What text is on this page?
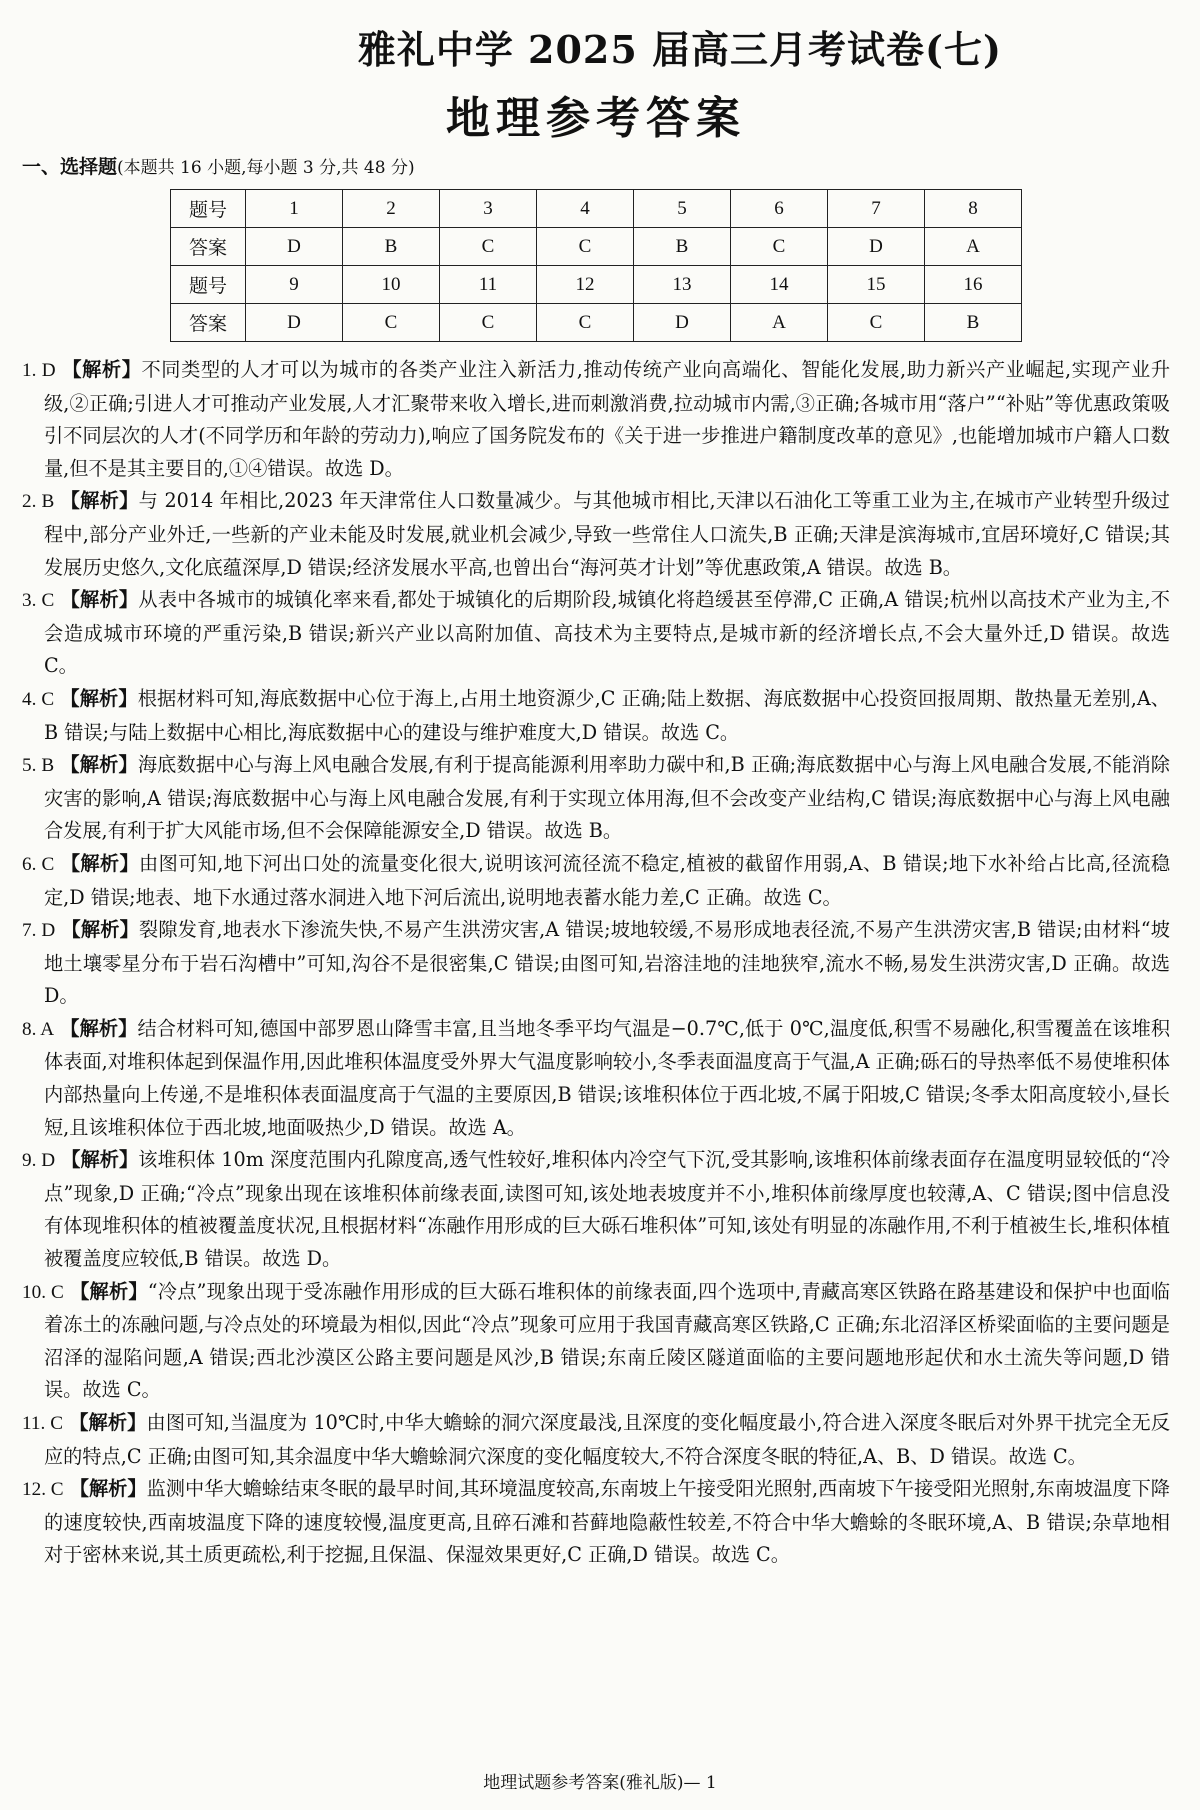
雅礼中学 2025 届高三月考试卷(七)
地理参考答案
一、选择题(本题共 16 小题,每小题 3 分,共 48 分)
题号	1	2	3	4	5	6	7	8
答案	D	B	C	C	B	C	D	A
题号	9	10	11	12	13	14	15	16
答案	D	C	C	C	D	A	C	B

1. D 【解析】不同类型的人才可以为城市的各类产业注入新活力,推动传统产业向高端化、智能化发展,助力新兴产业崛起,实现产业升级,②正确;引进人才可推动产业发展,人才汇聚带来收入增长,进而刺激消费,拉动城市内需,③正确;各城市用“落户”“补贴”等优惠政策吸引不同层次的人才(不同学历和年龄的劳动力),响应了国务院发布的《关于进一步推进户籍制度改革的意见》,也能增加城市户籍人口数量,但不是其主要目的,①④错误。故选 D。

2. B 【解析】与 2014 年相比,2023 年天津常住人口数量减少。与其他城市相比,天津以石油化工等重工业为主,在城市产业转型升级过程中,部分产业外迁,一些新的产业未能及时发展,就业机会减少,导致一些常住人口流失,B 正确;天津是滨海城市,宜居环境好,C 错误;其发展历史悠久,文化底蕴深厚,D 错误;经济发展水平高,也曾出台“海河英才计划”等优惠政策,A 错误。故选 B。

3. C 【解析】从表中各城市的城镇化率来看,都处于城镇化的后期阶段,城镇化将趋缓甚至停滞,C 正确,A 错误;杭州以高技术产业为主,不会造成城市环境的严重污染,B 错误;新兴产业以高附加值、高技术为主要特点,是城市新的经济增长点,不会大量外迁,D 错误。故选 C。

4. C 【解析】根据材料可知,海底数据中心位于海上,占用土地资源少,C 正确;陆上数据、海底数据中心投资回报周期、散热量无差别,A、B 错误;与陆上数据中心相比,海底数据中心的建设与维护难度大,D 错误。故选 C。

5. B 【解析】海底数据中心与海上风电融合发展,有利于提高能源利用率助力碳中和,B 正确;海底数据中心与海上风电融合发展,不能消除灾害的影响,A 错误;海底数据中心与海上风电融合发展,有利于实现立体用海,但不会改变产业结构,C 错误;海底数据中心与海上风电融合发展,有利于扩大风能市场,但不会保障能源安全,D 错误。故选 B。

6. C 【解析】由图可知,地下河出口处的流量变化很大,说明该河流径流不稳定,植被的截留作用弱,A、B 错误;地下水补给占比高,径流稳定,D 错误;地表、地下水通过落水洞进入地下河后流出,说明地表蓄水能力差,C 正确。故选 C。

7. D 【解析】裂隙发育,地表水下渗流失快,不易产生洪涝灾害,A 错误;坡地较缓,不易形成地表径流,不易产生洪涝灾害,B 错误;由材料“坡地土壤零星分布于岩石沟槽中”可知,沟谷不是很密集,C 错误;由图可知,岩溶洼地的洼地狭窄,流水不畅,易发生洪涝灾害,D 正确。故选 D。

8. A 【解析】结合材料可知,德国中部罗恩山降雪丰富,且当地冬季平均气温是−0.7℃,低于 0℃,温度低,积雪不易融化,积雪覆盖在该堆积体表面,对堆积体起到保温作用,因此堆积体温度受外界大气温度影响较小,冬季表面温度高于气温,A 正确;砾石的导热率低不易使堆积体内部热量向上传递,不是堆积体表面温度高于气温的主要原因,B 错误;该堆积体位于西北坡,不属于阳坡,C 错误;冬季太阳高度较小,昼长短,且该堆积体位于西北坡,地面吸热少,D 错误。故选 A。

9. D 【解析】该堆积体 10m 深度范围内孔隙度高,透气性较好,堆积体内冷空气下沉,受其影响,该堆积体前缘表面存在温度明显较低的“冷点”现象,D 正确;“冷点”现象出现在该堆积体前缘表面,读图可知,该处地表坡度并不小,堆积体前缘厚度也较薄,A、C 错误;图中信息没有体现堆积体的植被覆盖度状况,且根据材料“冻融作用形成的巨大砾石堆积体”可知,该处有明显的冻融作用,不利于植被生长,堆积体植被覆盖度应较低,B 错误。故选 D。

10. C 【解析】“冷点”现象出现于受冻融作用形成的巨大砾石堆积体的前缘表面,四个选项中,青藏高寒区铁路在路基建设和保护中也面临着冻土的冻融问题,与冷点处的环境最为相似,因此“冷点”现象可应用于我国青藏高寒区铁路,C 正确;东北沼泽区桥梁面临的主要问题是沼泽的湿陷问题,A 错误;西北沙漠区公路主要问题是风沙,B 错误;东南丘陵区隧道面临的主要问题地形起伏和水土流失等问题,D 错误。故选 C。

11. C 【解析】由图可知,当温度为 10℃时,中华大蟾蜍的洞穴深度最浅,且深度的变化幅度最小,符合进入深度冬眠后对外界干扰完全无反应的特点,C 正确;由图可知,其余温度中华大蟾蜍洞穴深度的变化幅度较大,不符合深度冬眠的特征,A、B、D 错误。故选 C。

12. C 【解析】监测中华大蟾蜍结束冬眠的最早时间,其环境温度较高,东南坡上午接受阳光照射,西南坡下午接受阳光照射,东南坡温度下降的速度较快,西南坡温度下降的速度较慢,温度更高,且碎石滩和苔藓地隐蔽性较差,不符合中华大蟾蜍的冬眠环境,A、B 错误;杂草地相对于密林来说,其土质更疏松,利于挖掘,且保温、保湿效果更好,C 正确,D 错误。故选 C。

地理试题参考答案(雅礼版)— 1
